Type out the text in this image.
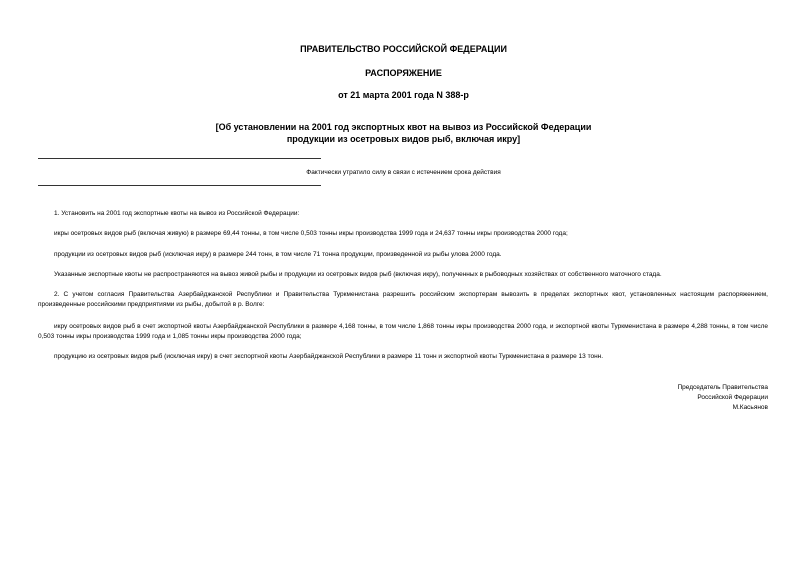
ПРАВИТЕЛЬСТВО РОССИЙСКОЙ ФЕДЕРАЦИИ
РАСПОРЯЖЕНИЕ
от 21 марта 2001 года N 388-р
[Об установлении на 2001 год экспортных квот на вывоз из Российской Федерации
продукции из осетровых видов рыб, включая икру]
Фактически утратило силу в связи с истечением срока действия
1. Установить на 2001 год экспортные квоты на вывоз из Российской Федерации:
икры осетровых видов рыб (включая живую) в размере 69,44 тонны, в том числе 0,503 тонны икры производства 1999 года и 24,637 тонны икры производства 2000 года;
продукции из осетровых видов рыб (исключая икру) в размере 244 тонн, в том числе 71 тонна продукции, произведенной из рыбы улова 2000 года.
Указанные экспортные квоты не распространяются на вывоз живой рыбы и продукции из осетровых видов рыб (включая икру), полученных в рыбоводных хозяйствах от собственного маточного стада.
2. С учетом согласия Правительства Азербайджанской Республики и Правительства Туркменистана разрешить российским экспортерам вывозить в пределах экспортных квот, установленных настоящим распоряжением, произведенные российскими предприятиями из рыбы, добытой в р. Волге:
икру осетровых видов рыб в счет экспортной квоты Азербайджанской Республики в размере 4,168 тонны, в том числе 1,868 тонны икры производства 2000 года, и экспортной квоты Туркменистана в размере 4,288 тонны, в том числе 0,503 тонны икры производства 1999 года и 1,085 тонны икры производства 2000 года;
продукцию из осетровых видов рыб (исключая икру) в счет экспортной квоты Азербайджанской Республики в размере 11 тонн и экспортной квоты Туркменистана в размере 13 тонн.
Председатель Правительства
Российской Федерации
М.Касьянов
